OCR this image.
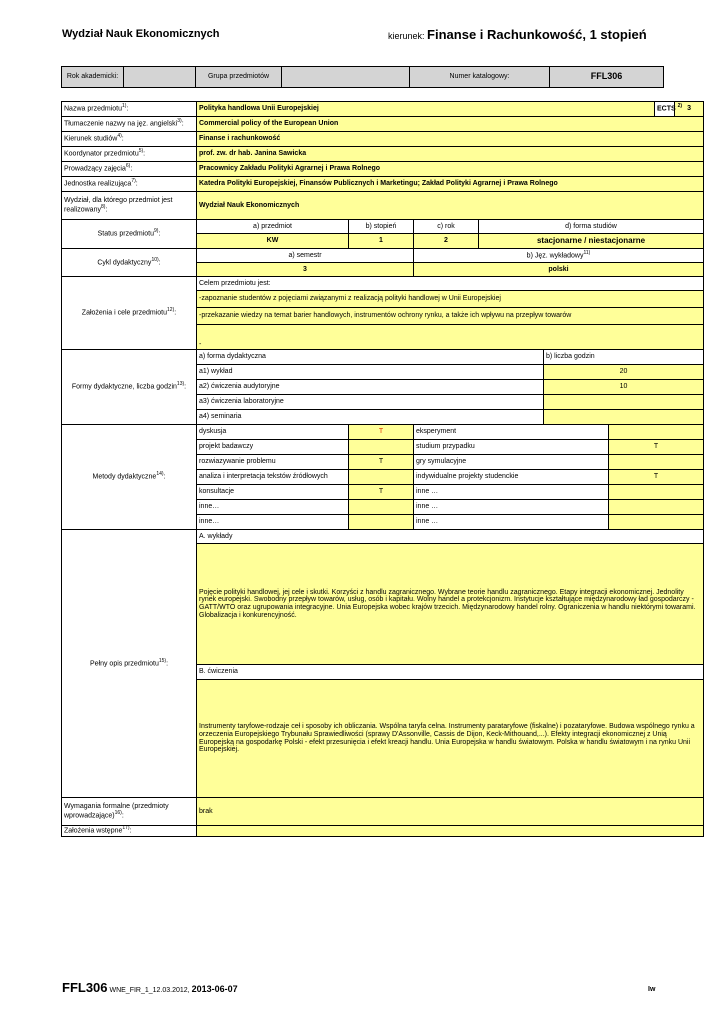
Wydział Nauk Ekonomicznych	kierunek: Finanse i Rachunkowość, 1 stopień
Rok akademicki:		Grupa przedmiotów		Numer katalogowy:	FFL306
Nazwa przedmiotu$^{1)}$:	Polityka handlowa Unii Europejskiej						ECTS $^{2)}$	3
Tłumaczenie nazwy na jęz. angielski$^{3)}$:	Commercial policy of the European Union							
Kierunek studiów$^{4)}$:	Finanse i rachunkowość							
Koordynator przedmiotu$^{5)}$:	prof. zw. dr hab. Janina Sawicka							
Prowadzący zajęcia$^{6)}$:	Pracownicy Zakładu Polityki Agrarnej i Prawa Rolnego							
Jednostka realizująca$^{7)}$:	Katedra Polityki Europejskiej, Finansów Publicznych i Marketingu; Zakład Polityki Agrarnej i Prawa Rolnego							
Wydział, dla którego przedmiot jest realizowany$^{8)}$:	Wydział Nauk Ekonomicznych							
Status przedmiotu$^{9)}$:	a) przedmiot	b) stopień	c) rok	d) forma studiów				
	KW	1	2	stacjonarne / niestacjonarne				
Cykl dydaktyczny$^{10)}$:	a) semestr		b) Jęz. wykładowy$^{11)}$
	3		polski					
Założenia i cele przedmiotu$^{12)}$:	Celem przedmiotu jest:							
	-zapoznanie studentów z pojęciami związanymi z realizacją polityki handlowej w Unii Europejskiej							
	-przekazanie wiedzy na temat barier handlowych, instrumentów ochrony rynku, a także ich wpływu na przepływ towarów							
	-							
Formy dydaktyczne, liczba godzin$^{13)}$:	a) forma dydaktyczna				b) liczba godzin			
	a1) wykład				20			
	a2) ćwiczenia audytoryjne				10			
	a3) ćwiczenia laboratoryjne							
	a4) seminaria							
Metody dydaktyczne$^{14)}$:	dyskusja	T	eksperyment					
	projekt badawczy		studium przypadku			T		
	rozwiazywanie problemu	T	gry symulacyjne					
	analiza i interpretacja tekstów źródłowych		indywidualne projekty studenckie			T		
	konsultacje	T	inne …					
	inne…		inne …					
	inne…		inne …					
Pełny opis przedmiotu$^{15)}$:	A. wykłady							
	Pojęcie polityki handlowej, jej cele i skutki. Korzyści z handlu zagranicznego. Wybrane teorie handlu zagranicznego. Etapy integracji ekonomicznej. Jednolity rynek europejski. Swobodny przepływ towarów, usług, osób i kapitału. Wolny handel a protekcjonizm. Instytucje kształtujące międzynarodowy ład gospodarczy - GATT/WTO oraz ugrupowania integracyjne. Unia Europejska wobec krajów trzecich. Międzynarodowy handel rolny. Ograniczenia w handlu niektórymi towarami. Globalizacja i konkurencyjność.							
	B. ćwiczenia							
	Instrumenty taryfowe-rodzaje ceł i sposoby ich obliczania. Wspólna taryfa celna. Instrumenty parataryfowe (fiskalne) i pozataryfowe. Budowa wspólnego rynku a orzeczenia Europejskiego Trybunału Sprawiedliwości (sprawy D'Assonville, Cassis de Dijon, Keck-Mithouand,...). Efekty integracji ekonomicznej z Unią Europejską na gospodarkę Polski - efekt przesunięcia i efekt kreacji handlu. Unia Europejska w handlu światowym. Polska w handlu światowym i na rynku Unii Europejskiej.							
Wymagania formalne (przedmioty wprowadzające)$^{16)}$:	brak							
Założenia wstępne$^{17)}$:								
FFL306 WNE_FIR_1_12.03.2012, 2013-06-07	Iw
